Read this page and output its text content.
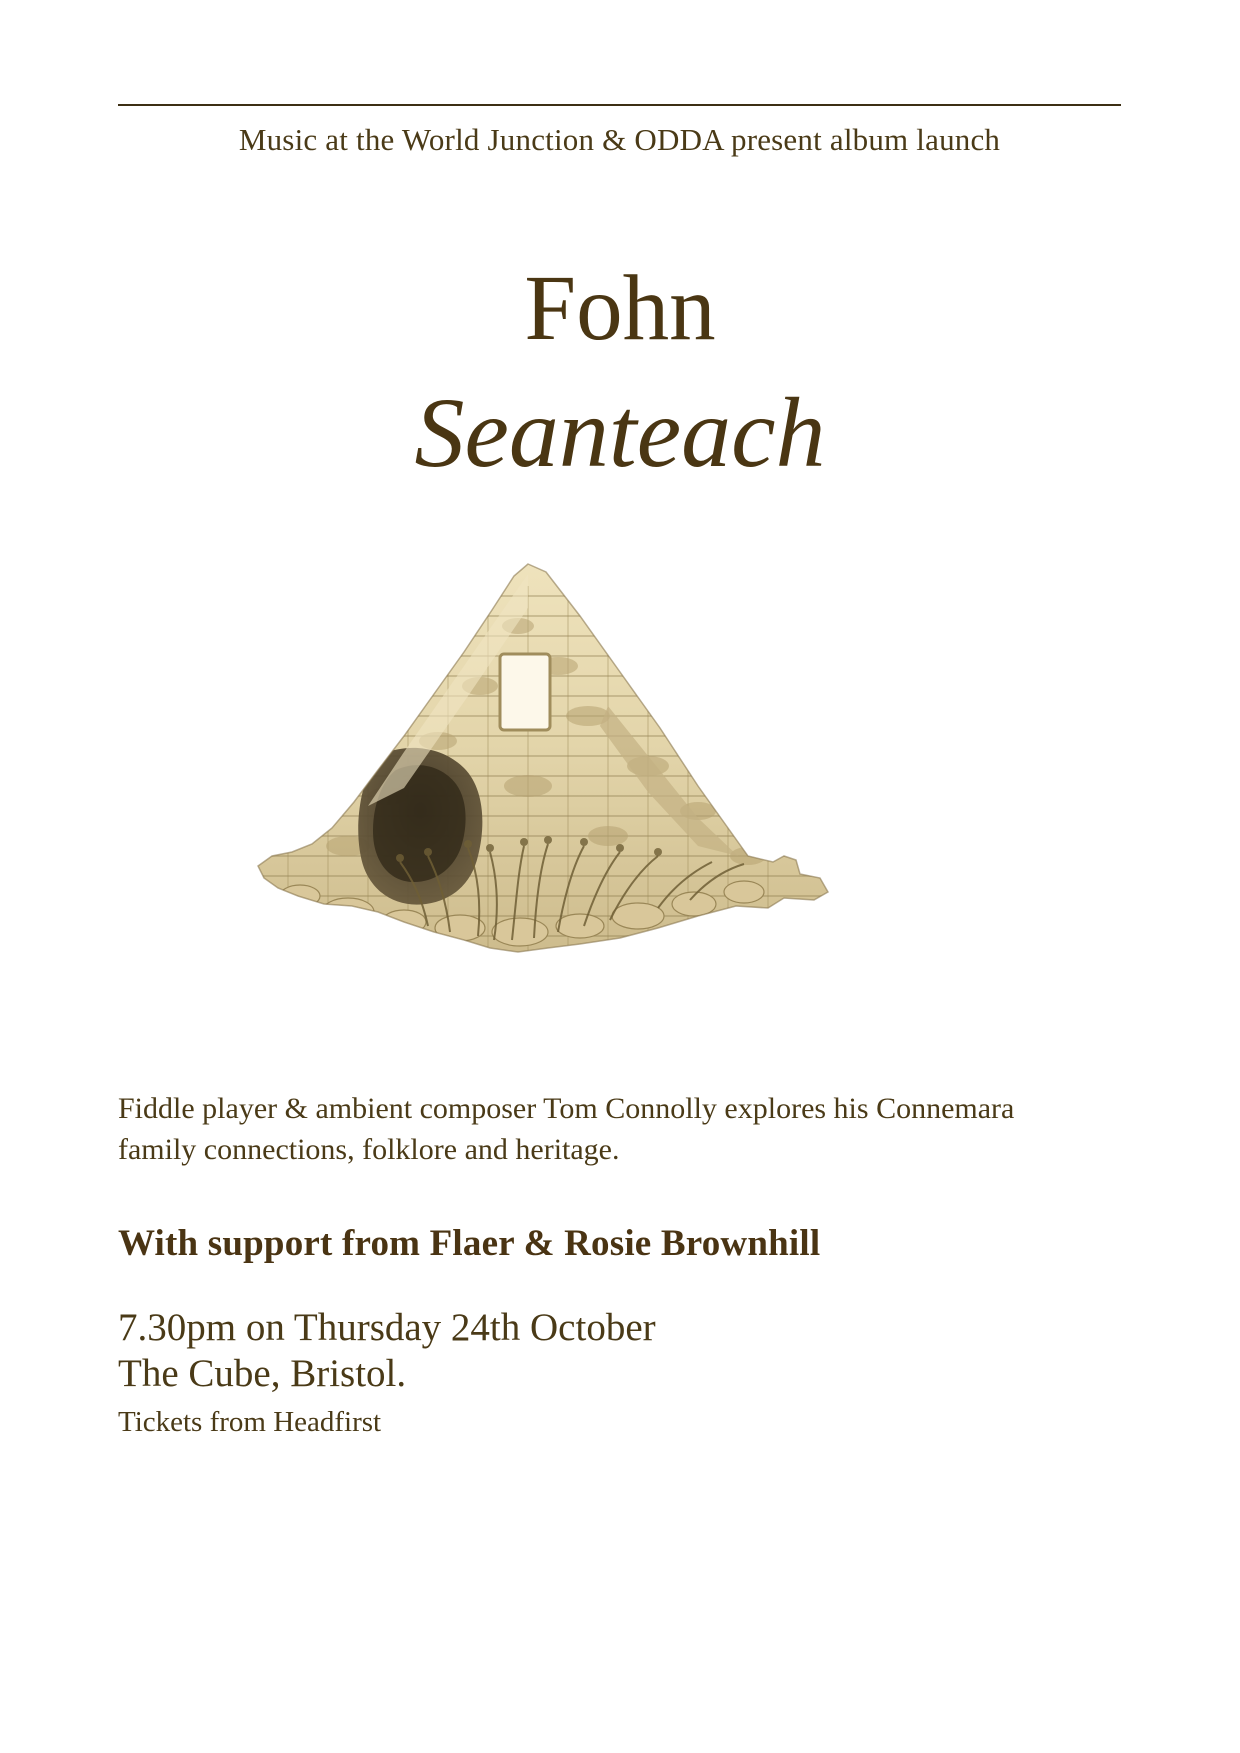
Music at the World Junction & ODDA present album launch
Fohn
Seanteach
Fiddle player & ambient composer Tom Connolly explores his Connemara family connections, folklore and heritage.
With support from Flaer & Rosie Brownhill
7.30pm on Thursday 24th October
The Cube, Bristol.
Tickets from Headfirst
